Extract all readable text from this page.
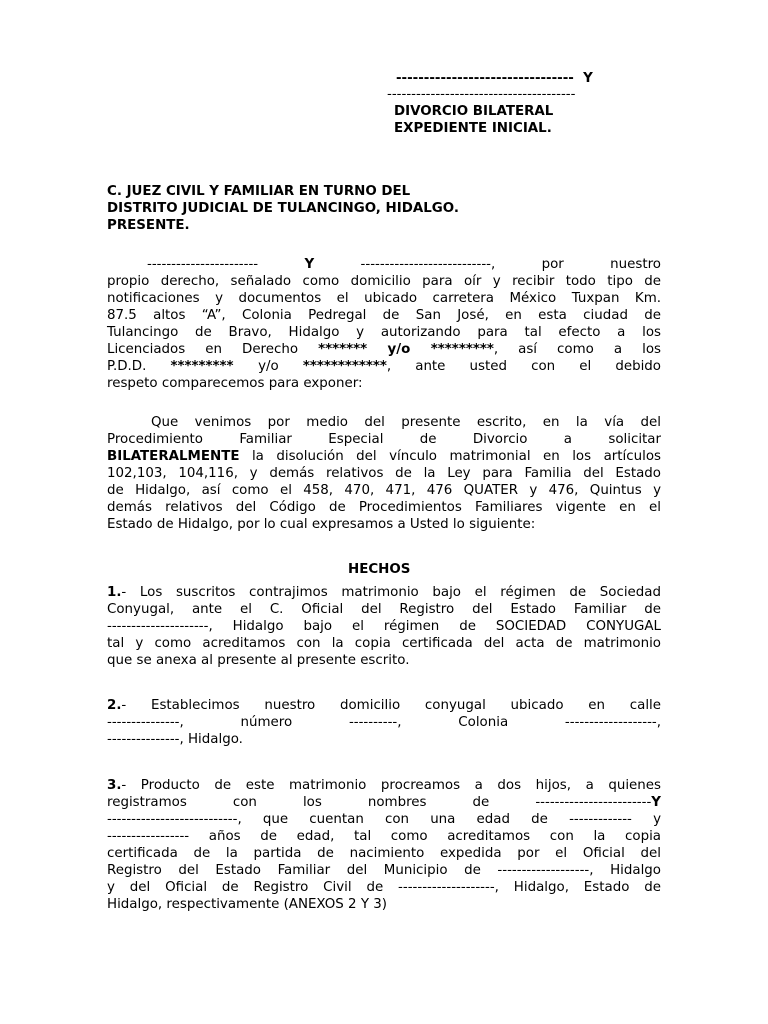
--------------------------------  Y
---------------------------------------
DIVORCIO BILATERAL
EXPEDIENTE INICIAL.
C. JUEZ CIVIL Y FAMILIAR EN TURNO DEL
DISTRITO JUDICIAL DE TULANCINGO, HIDALGO.
PRESENTE.
----------------------- Y ---------------------------, por nuestro
propio derecho, señalado como domicilio para oír y recibir todo tipo de
notificaciones y documentos el ubicado carretera México Tuxpan Km.
87.5 altos “A”, Colonia Pedregal de San José, en esta ciudad de
Tulancingo de Bravo, Hidalgo y autorizando para tal efecto a los
Licenciados en Derecho ******* y/o *********, así como a los
P.D.D. ********* y/o ************, ante usted con el debido
respeto comparecemos para exponer:
Que venimos por medio del presente escrito, en la vía del
Procedimiento Familiar Especial de Divorcio a solicitar
BILATERALMENTE la disolución del vínculo matrimonial en los artículos
102,103, 104,116, y demás relativos de la Ley para Familia del Estado
de Hidalgo, así como el 458, 470, 471, 476 QUATER y 476, Quintus y
demás relativos del Código de Procedimientos Familiares vigente en el
Estado de Hidalgo, por lo cual expresamos a Usted lo siguiente:
HECHOS
1.- Los suscritos contrajimos matrimonio bajo el régimen de Sociedad
Conyugal, ante el C. Oficial del Registro del Estado Familiar de
---------------------, Hidalgo bajo el régimen de SOCIEDAD CONYUGAL
tal y como acreditamos con la copia certificada del acta de matrimonio
que se anexa al presente al presente escrito.
2.- Establecimos nuestro domicilio conyugal ubicado en calle
---------------, número ----------, Colonia -------------------,
---------------, Hidalgo.
3.- Producto de este matrimonio procreamos a dos hijos, a quienes
registramos con los nombres de ------------------------Y
---------------------------, que cuentan con una edad de ------------- y
----------------- años de edad, tal como acreditamos con la copia
certificada de la partida de nacimiento expedida por el Oficial del
Registro del Estado Familiar del Municipio de -------------------, Hidalgo
y del Oficial de Registro Civil de --------------------, Hidalgo, Estado de
Hidalgo, respectivamente (ANEXOS 2 Y 3)
